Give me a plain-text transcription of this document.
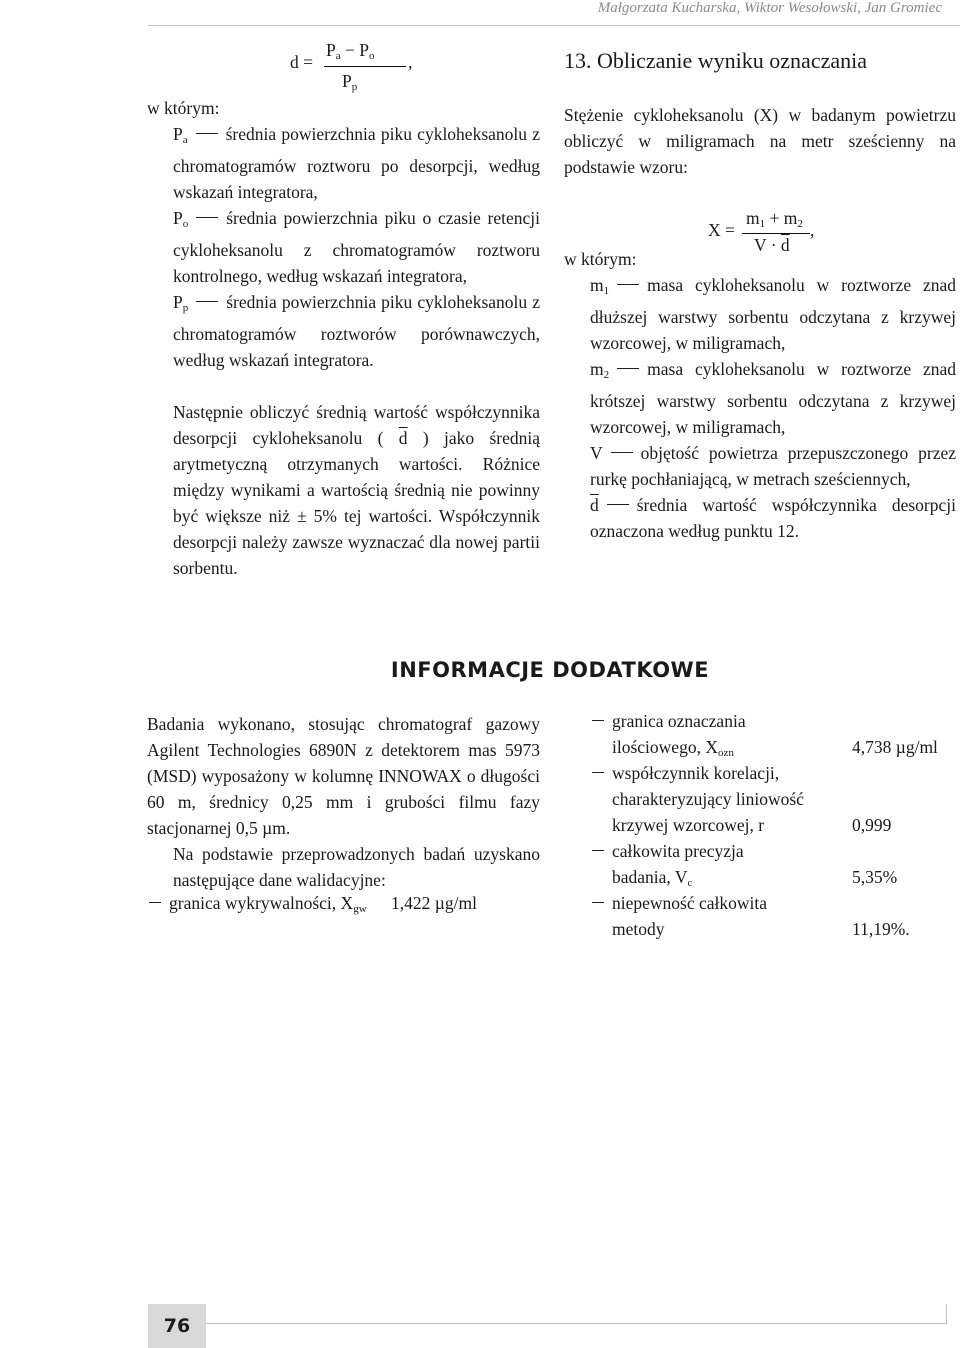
Małgorzata Kucharska, Wiktor Wesołowski, Jan Gromiec
d =
$P_a - P_o$
$P_p$
,

w którym:

$P_a$ średnia powierzchnia piku cykloheksanolu z chromatogramów roztworu po desorpcji, według wskazań integratora,
$P_o$ średnia powierzchnia piku o czasie retencji cykloheksanolu z chromatogramów roztworu kontrolnego, według wskazań integratora,
$P_p$ średnia powierzchnia piku cykloheksanolu z chromatogramów roztworów porównawczych, według wskazań integratora.

Następnie obliczyć średnią wartość współczynnika desorpcji cykloheksanolu ( $\overline{d}$ ) jako średnią arytmetyczną otrzymanych wartości. Różnice między wynikami a wartością średnią nie powinny być większe niż ± 5% tej wartości. Współczynnik desorpcji należy zawsze wyznaczać dla nowej partii sorbentu.

13. Obliczanie wyniku oznaczania

Stężenie cykloheksanolu (X) w badanym powietrzu obliczyć w miligramach na metr sześcienny na podstawie wzoru:

X =
$m_1 + m_2$
$V \cdot \overline{d}$
,

w którym:

$m_1$ masa cykloheksanolu w roztworze znad dłuższej warstwy sorbentu odczytana z krzywej wzorcowej, w miligramach,
$m_2$ masa cykloheksanolu w roztworze znad krótszej warstwy sorbentu odczytana z krzywej wzorcowej, w miligramach,
V objętość powietrza przepuszczonego przez rurkę pochłaniającą, w metrach sześciennych,
$\overline{d}$ średnia wartość współczynnika desorpcji oznaczona według punktu 12.
INFORMACJE DODATKOWE

Badania wykonano, stosując chromatograf gazowy Agilent Technologies 6890N z detektorem mas 5973 (MSD) wyposażony w kolumnę INNOWAX o długości 60 m, średnicy 0,25 mm i grubości filmu fazy stacjonarnej 0,5 µm.

Na podstawie przeprowadzonych badań uzyskano następujące dane walidacyjne:

granica wykrywalności, $X_{gw}$ 1,422 µg/ml
granica oznaczania
ilościowego, $X_{ozn}$	4,738 µg/ml
współczynnik korelacji,
charakteryzujący liniowość
krzywej wzorcowej, r	0,999
całkowita precyzja
badania, $V_c$	5,35%
niepewność całkowita
metody	11,19%.
76
